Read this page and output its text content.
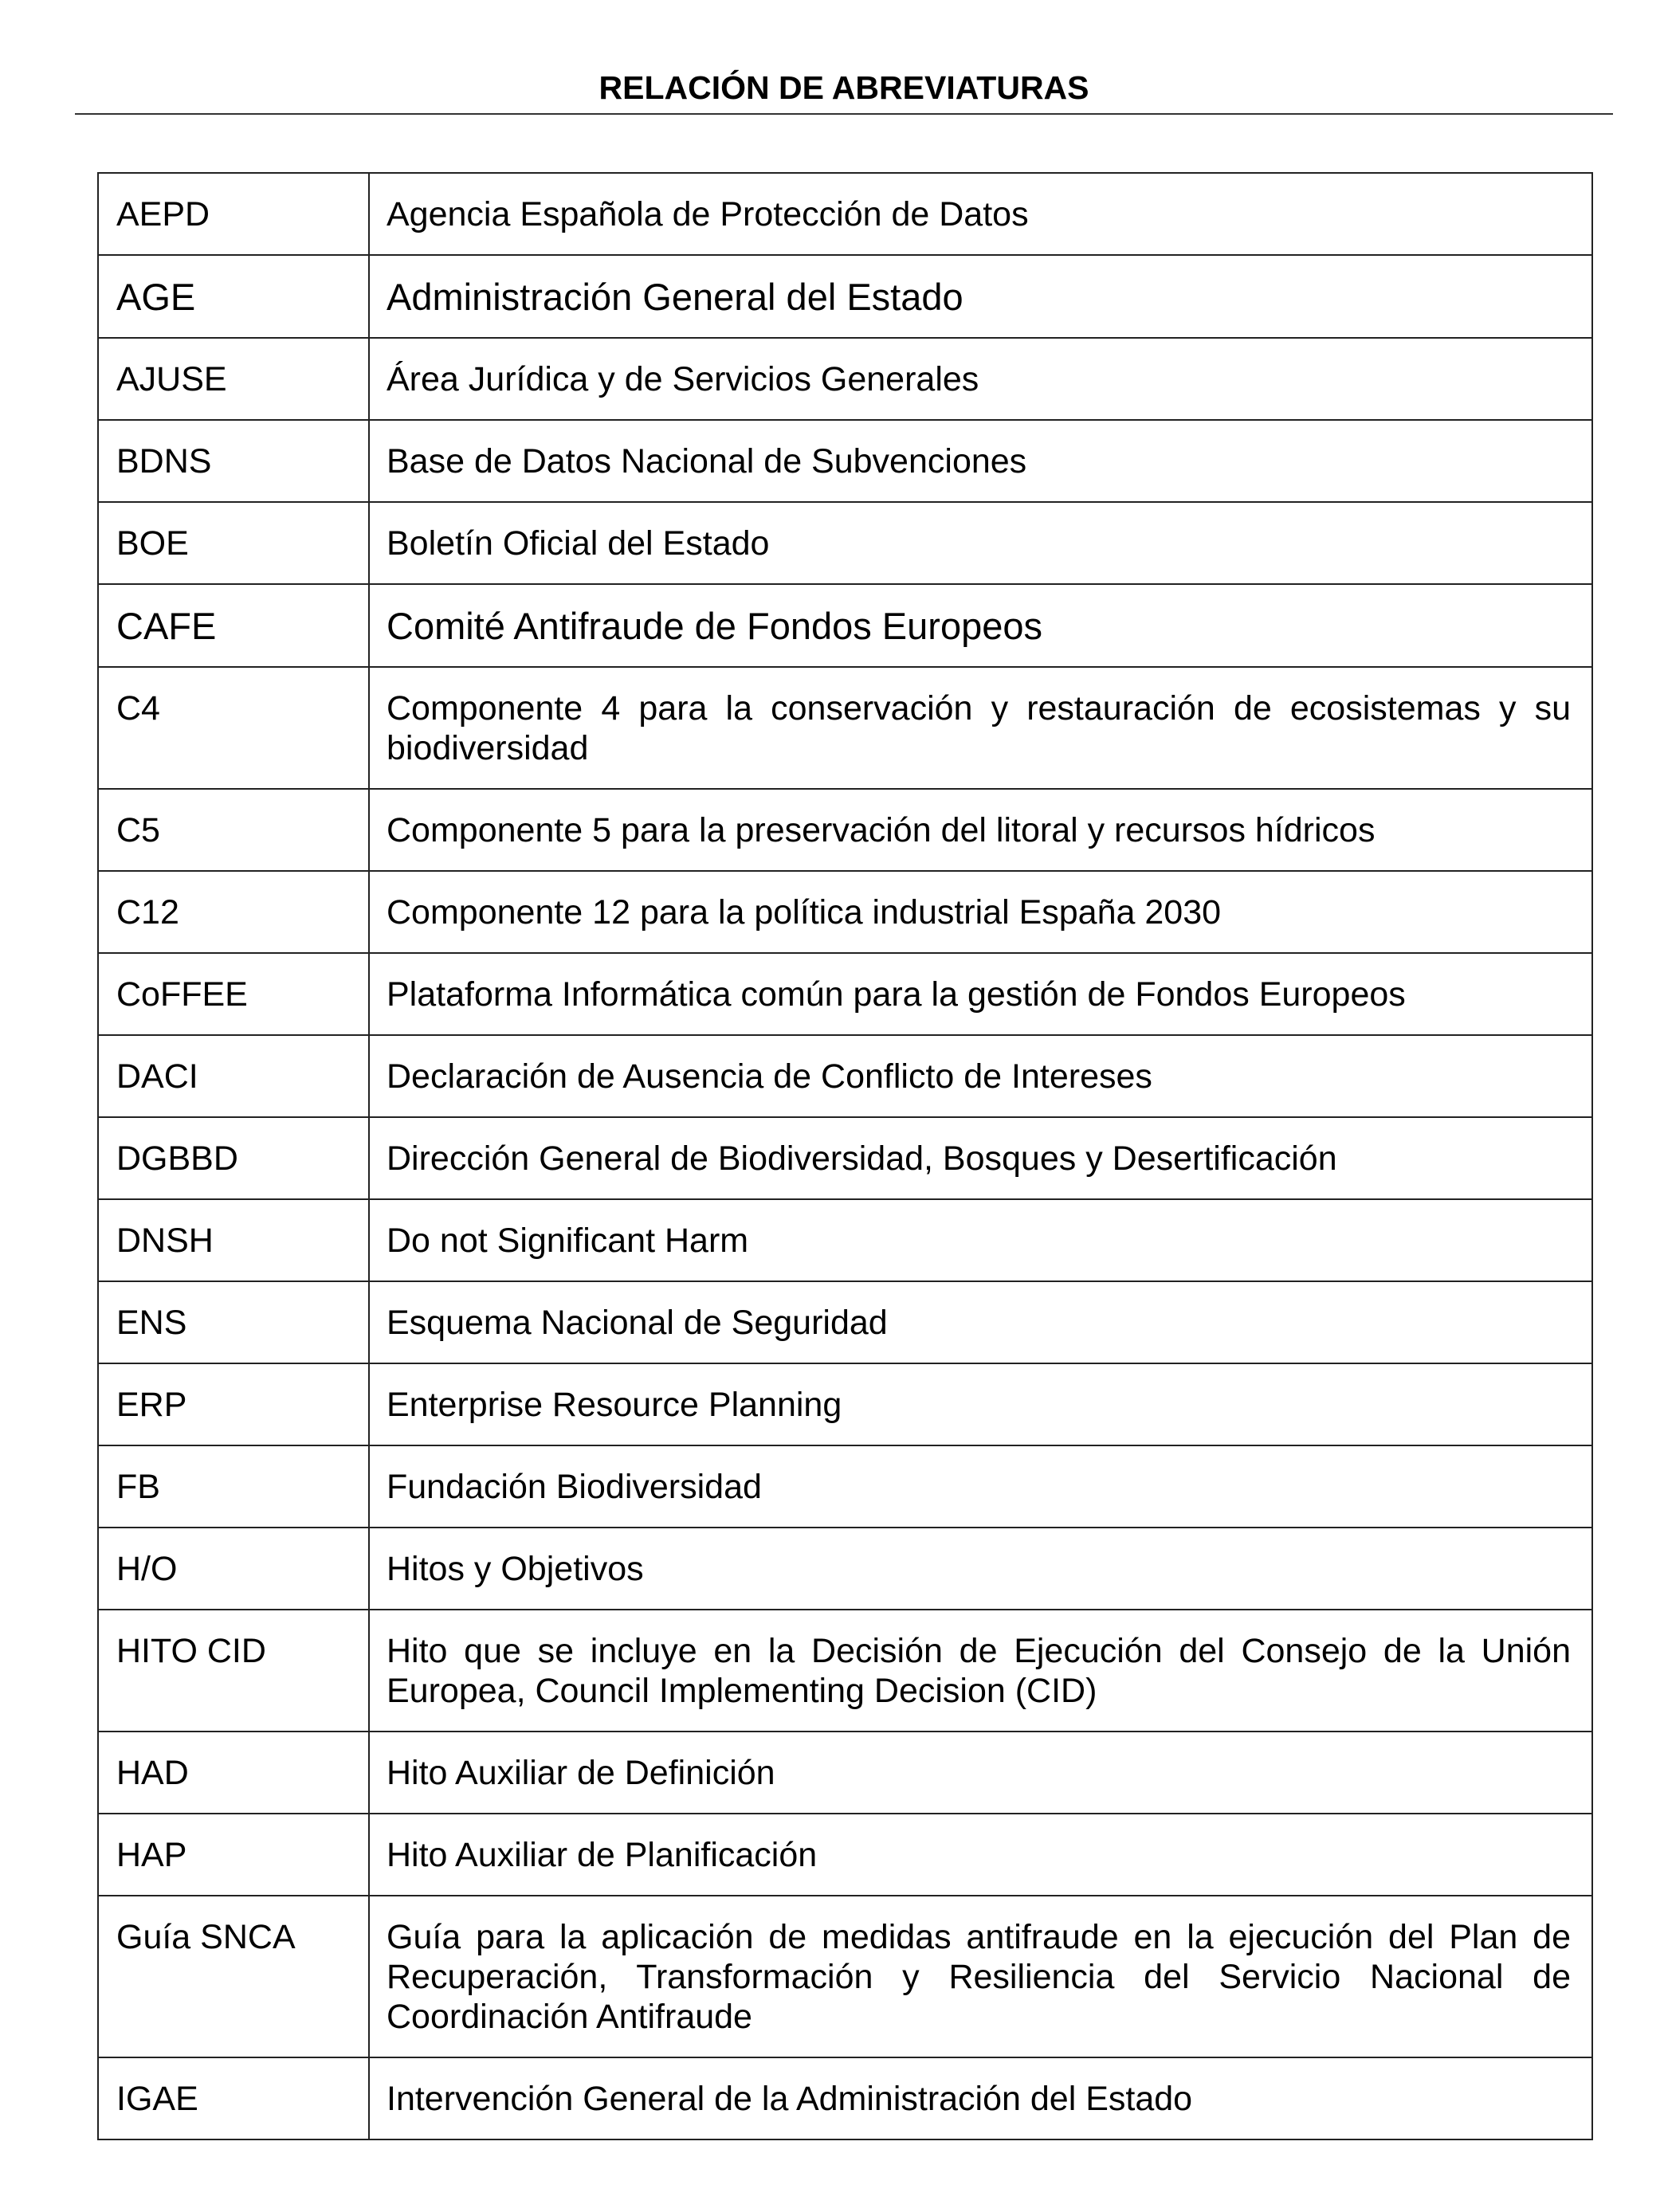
RELACIÓN DE ABREVIATURAS
AEPD	Agencia Española de Protección de Datos
AGE	Administración General del Estado
AJUSE	Área Jurídica y de Servicios Generales
BDNS	Base de Datos Nacional de Subvenciones
BOE	Boletín Oficial del Estado
CAFE	Comité Antifraude de Fondos Europeos
C4	Componente 4 para la conservación y restauración de ecosistemas y su biodiversidad
C5	Componente 5 para la preservación del litoral y recursos hídricos
C12	Componente 12 para la política industrial España 2030
CoFFEE	Plataforma Informática común para la gestión de Fondos Europeos
DACI	Declaración de Ausencia de Conflicto de Intereses
DGBBD	Dirección General de Biodiversidad, Bosques y Desertificación
DNSH	Do not Significant Harm
ENS	Esquema Nacional de Seguridad
ERP	Enterprise Resource Planning
FB	Fundación Biodiversidad
H/O	Hitos y Objetivos
HITO CID	Hito que se incluye en la Decisión de Ejecución del Consejo de la Unión Europea, Council Implementing Decision (CID)
HAD	Hito Auxiliar de Definición
HAP	Hito Auxiliar de Planificación
Guía SNCA	Guía para la aplicación de medidas antifraude en la ejecución del Plan de Recuperación, Transformación y Resiliencia del Servicio Nacional de Coordinación Antifraude
IGAE	Intervención General de la Administración del Estado
